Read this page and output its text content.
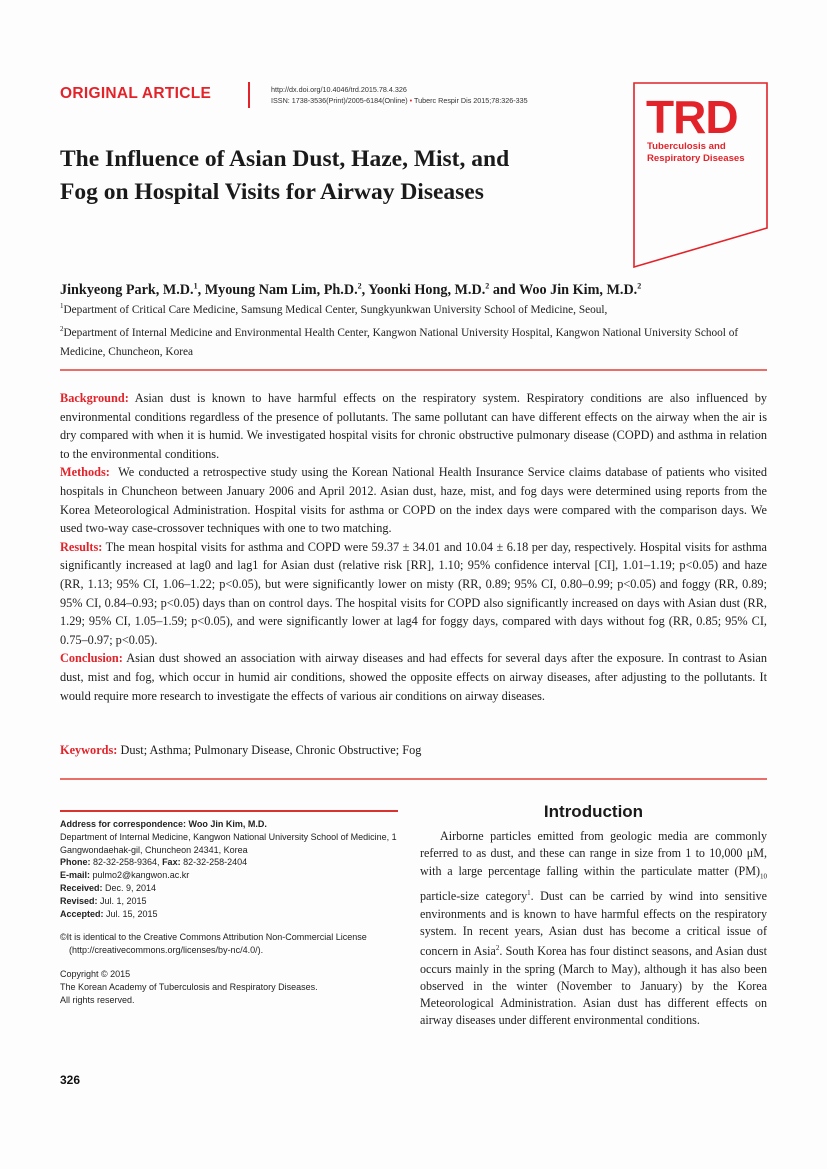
ORIGINAL ARTICLE	http://dx.doi.org/10.4046/trd.2015.78.4.326
ISSN: 1738-3536(Print)/2005-6184(Online) • Tuberc Respir Dis 2015;78:326-335	TRD
Tuberculosis and
Respiratory Diseases
The Influence of Asian Dust, Haze, Mist, and
Fog on Hospital Visits for Airway Diseases
Jinkyeong Park, M.D.$^1$, Myoung Nam Lim, Ph.D.$^2$, Yoonki Hong, M.D.$^2$ and Woo Jin Kim, M.D.$^2$
$^1$Department of Critical Care Medicine, Samsung Medical Center, Sungkyunkwan University School of Medicine, Seoul,
$^2$Department of Internal Medicine and Environmental Health Center, Kangwon National University Hospital, Kangwon National University School of Medicine, Chuncheon, Korea

Background: Asian dust is known to have harmful effects on the respiratory system. Respiratory conditions are also influenced by environmental conditions regardless of the presence of pollutants. The same pollutant can have different effects on the airway when the air is dry compared with when it is humid. We investigated hospital visits for chronic obstructive pulmonary disease (COPD) and asthma in relation to the environmental conditions.

Methods:  We conducted a retrospective study using the Korean National Health Insurance Service claims database of patients who visited hospitals in Chuncheon between January 2006 and April 2012. Asian dust, haze, mist, and fog days were determined using reports from the Korea Meteorological Administration. Hospital visits for asthma or COPD on the index days were compared with the comparison days. We used two-way case-crossover techniques with one to two matching.

Results: The mean hospital visits for asthma and COPD were 59.37 ± 34.01 and 10.04 ± 6.18 per day, respectively. Hospital visits for asthma significantly increased at lag0 and lag1 for Asian dust (relative risk [RR], 1.10; 95% confidence interval [CI], 1.01–1.19; p<0.05) and haze (RR, 1.13; 95% CI, 1.06–1.22; p<0.05), but were significantly lower on misty (RR, 0.89; 95% CI, 0.80–0.99; p<0.05) and foggy (RR, 0.89; 95% CI, 0.84–0.93; p<0.05) days than on control days. The hospital visits for COPD also significantly increased on days with Asian dust (RR, 1.29; 95% CI, 1.05–1.59; p<0.05), and were significantly lower at lag4 for foggy days, compared with days without fog (RR, 0.85; 95% CI, 0.75–0.97; p<0.05).

Conclusion: Asian dust showed an association with airway diseases and had effects for several days after the exposure. In contrast to Asian dust, mist and fog, which occur in humid air conditions, showed the opposite effects on airway diseases, after adjusting to the pollutants. It would require more research to investigate the effects of various air conditions on airway diseases.

Keywords: Dust; Asthma; Pulmonary Disease, Chronic Obstructive; Fog
Address for correspondence: Woo Jin Kim, M.D.
Department of Internal Medicine, Kangwon National University School of Medicine, 1 Gangwondaehak-gil, Chuncheon 24341, Korea
Phone: 82-32-258-9364, Fax: 82-32-258-2404
E-mail: pulmo2@kangwon.ac.kr
Received: Dec. 9, 2014
Revised: Jul. 1, 2015
Accepted: Jul. 15, 2015
©It is identical to the Creative Commons Attribution Non-Commercial License (http://creativecommons.org/licenses/by-nc/4.0/).
Copyright © 2015
The Korean Academy of Tuberculosis and Respiratory Diseases.
All rights reserved.
Introduction
Airborne particles emitted from geologic media are commonly referred to as dust, and these can range in size from 1 to 10,000 μM, with a large percentage falling within the particulate matter $(PM)_{10}$ particle-size category$^1$. Dust can be carried by wind into sensitive environments and is known to have harmful effects on the respiratory system. In recent years, Asian dust has become a critical issue of concern in Asia$^2$. South Korea has four distinct seasons, and Asian dust occurs mainly in the spring (March to May), although it has also been observed in the winter (November to January) by the Korea Meteorological Administration. Asian dust has different effects on airway diseases under different environmental conditions.
326
